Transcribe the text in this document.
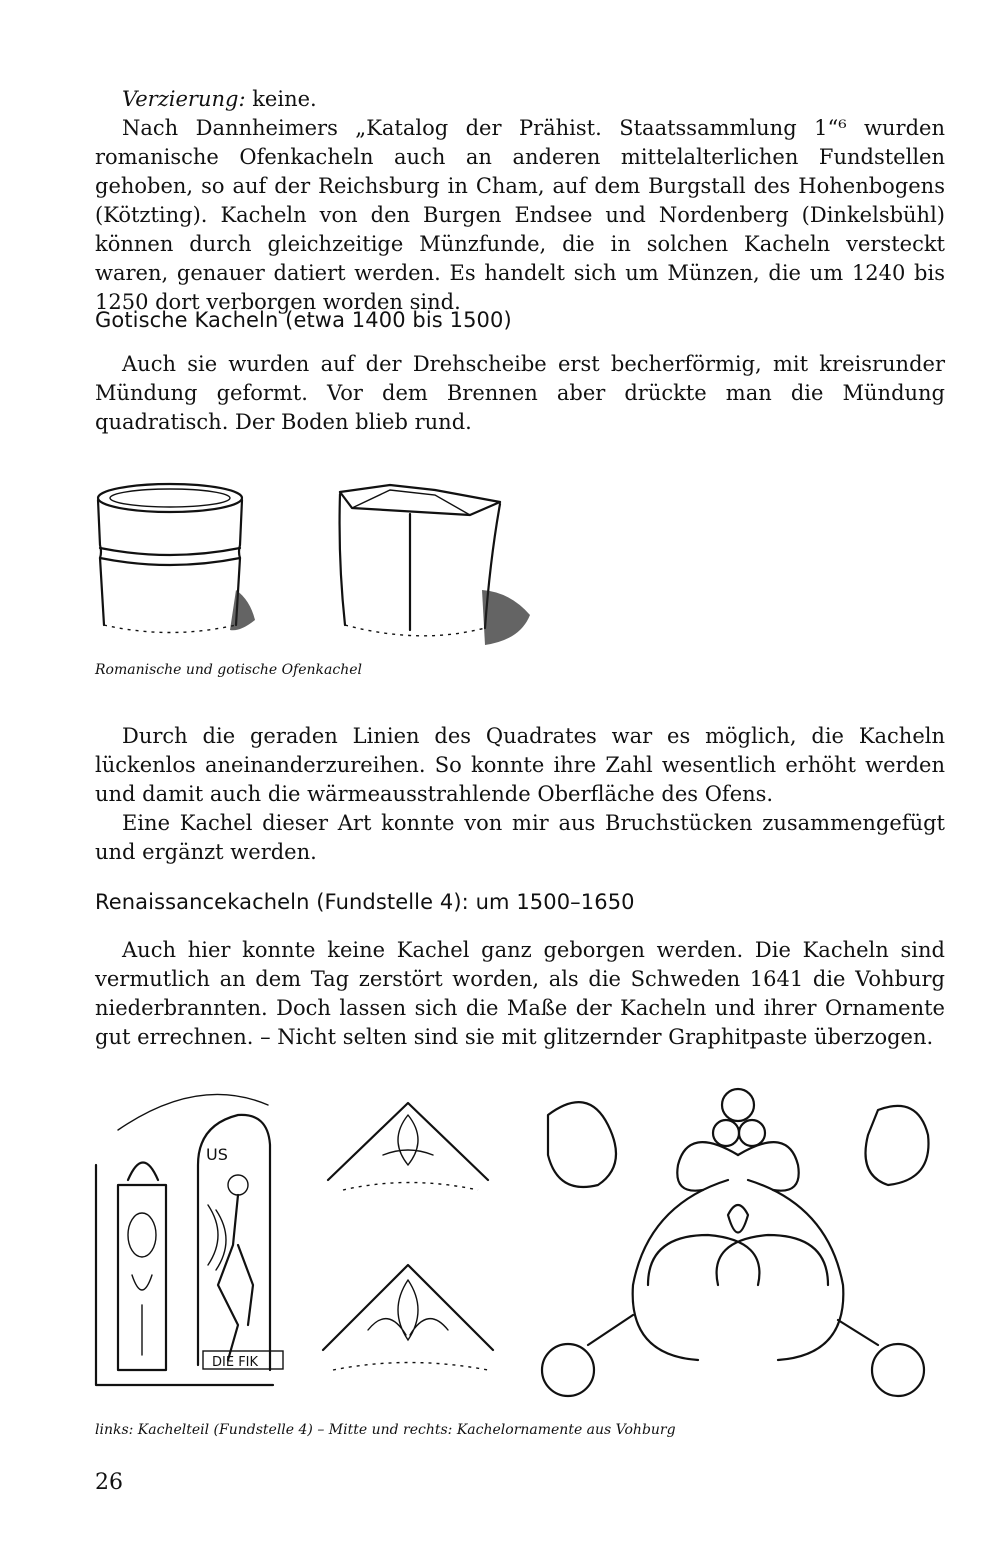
Verzierung: keine.

Nach Dannheimers „Katalog der Prähist. Staatssammlung 1“⁶ wurden romanische Ofenkacheln auch an anderen mittelalterlichen Fundstellen gehoben, so auf der Reichsburg in Cham, auf dem Burgstall des Hohenbogens (Kötzting). Kacheln von den Burgen Endsee und Nordenberg (Dinkelsbühl) können durch gleichzeitige Münzfunde, die in solchen Kacheln versteckt waren, genauer datiert werden. Es handelt sich um Münzen, die um 1240 bis 1250 dort verborgen worden sind.

Gotische Kacheln (etwa 1400 bis 1500)

Auch sie wurden auf der Drehscheibe erst becherförmig, mit kreisrunder Mündung geformt. Vor dem Brennen aber drückte man die Mündung quadratisch. Der Boden blieb rund.

Romanische und gotische Ofenkachel

Durch die geraden Linien des Quadrates war es möglich, die Kacheln lückenlos aneinanderzureihen. So konnte ihre Zahl wesentlich erhöht werden und damit auch die wärmeausstrahlende Oberfläche des Ofens.

Eine Kachel dieser Art konnte von mir aus Bruchstücken zusammengefügt und ergänzt werden.

Renaissancekacheln (Fundstelle 4): um 1500–1650

Auch hier konnte keine Kachel ganz geborgen werden. Die Kacheln sind vermutlich an dem Tag zerstört worden, als die Schweden 1641 die Vohburg niederbrannten. Doch lassen sich die Maße der Kacheln und ihrer Ornamente gut errechnen. – Nicht selten sind sie mit glitzernder Graphitpaste überzogen.

US
DIE FIK

links: Kachelteil (Fundstelle 4) – Mitte und rechts: Kachelornamente aus Vohburg

26
